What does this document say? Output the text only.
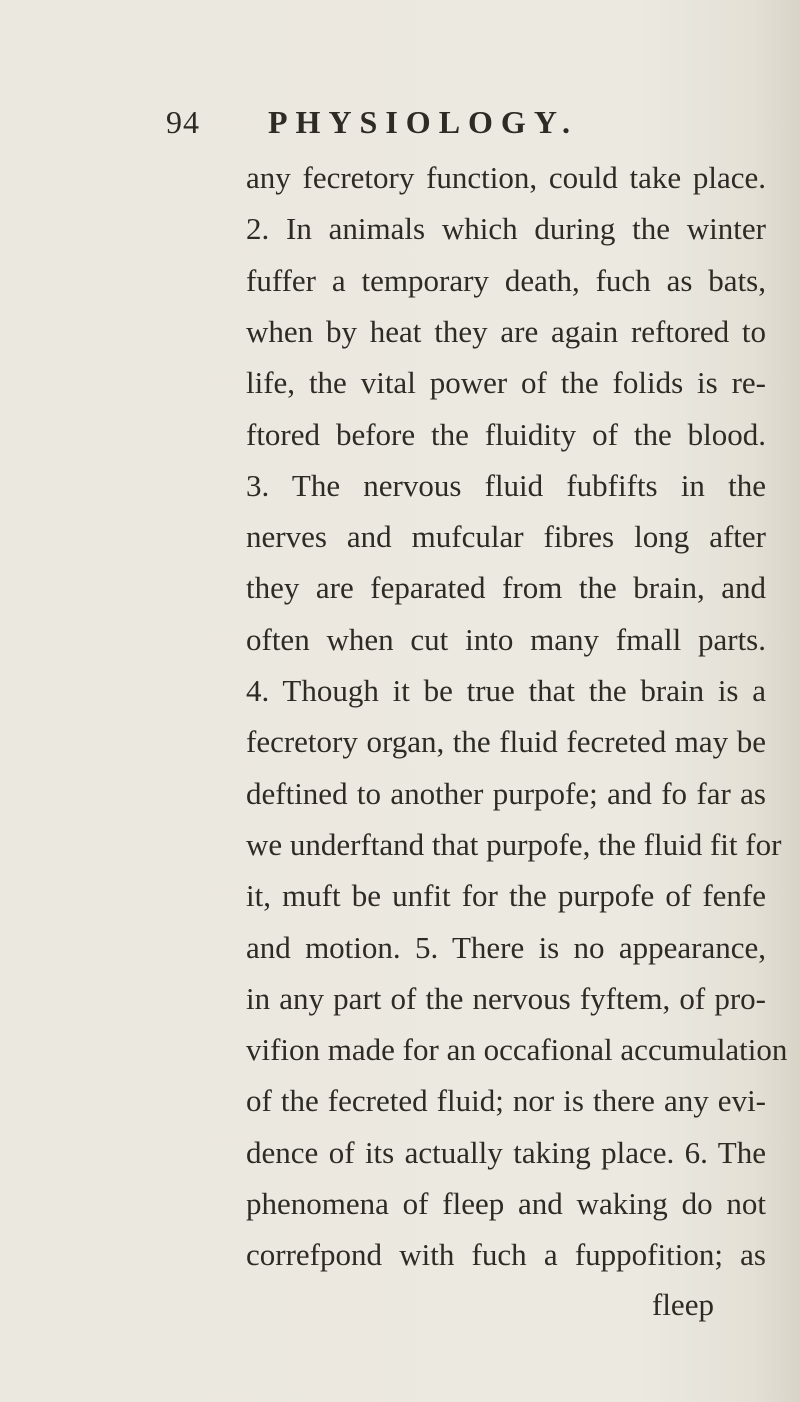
94 PHYSIOLOGY.
any fecretory function, could take place.
2. In animals which during the winter
fuffer a temporary death, fuch as bats,
when by heat they are again reftored to
life, the vital power of the folids is re-
ftored before the fluidity of the blood.
3. The nervous fluid fubfifts in the
nerves and mufcular fibres long after
they are feparated from the brain, and
often when cut into many fmall parts.
4. Though it be true that the brain is a
fecretory organ, the fluid fecreted may be
deftined to another purpofe; and fo far as
we underftand that purpofe, the fluid fit for
it, muft be unfit for the purpofe of fenfe
and motion. 5. There is no appearance,
in any part of the nervous fyftem, of pro-
vifion made for an occafional accumulation
of the fecreted fluid; nor is there any evi-
dence of its actually taking place. 6. The
phenomena of fleep and waking do not
correfpond with fuch a fuppofition; as
fleep
